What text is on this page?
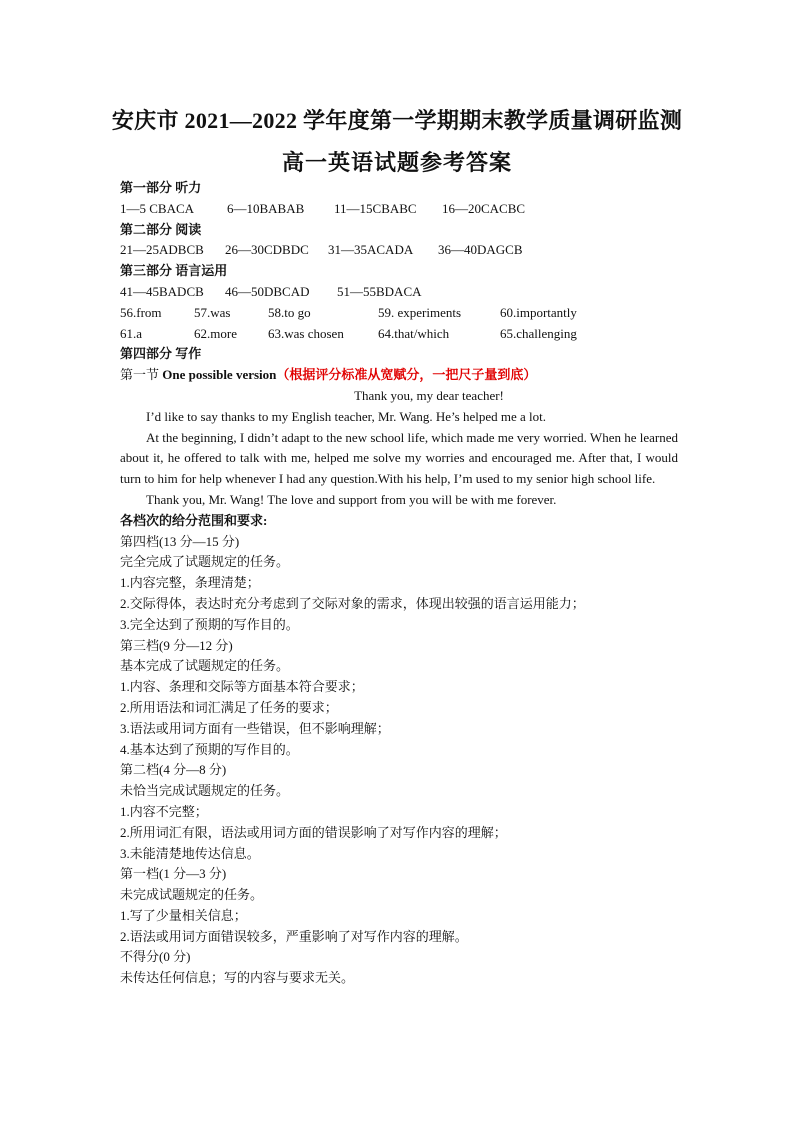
安庆市 2021—2022 学年度第一学期期末教学质量调研监测
高一英语试题参考答案
第一部分 听力
1—5 CBACA	6—10BABAB 11—15CBABC 16—20CACBC
第二部分 阅读
21—25ADBCB 26—30CDBDC 31—35ACADA 36—40DAGCB
第三部分 语言运用
41—45BADCB 46—50DBCAD 51—55BDACA
56.from 57.was	58.to go	59. experiments	60.importantly
61.a	62.more 63.was chosen	64.that/which	65.challenging
第四部分 写作
第一节 One possible version（根据评分标准从宽赋分，一把尺子量到底）
Thank you, my dear teacher!
I’d like to say thanks to my English teacher, Mr. Wang. He’s helped me a lot.
At the beginning, I didn’t adapt to the new school life, which made me very worried. When he learned about it, he offered to talk with me, helped me solve my worries and encouraged me. After that, I would turn to him for help whenever I had any question.With his help, I’m used to my senior high school life.
Thank you, Mr. Wang! The love and support from you will be with me forever.
各档次的给分范围和要求:
第四档(13 分—15 分)
完全完成了试题规定的任务。
1.内容完整，条理清楚；
2.交际得体，表达时充分考虑到了交际对象的需求，体现出较强的语言运用能力；
3.完全达到了预期的写作目的。
第三档(9 分—12 分)
基本完成了试题规定的任务。
1.内容、条理和交际等方面基本符合要求；
2.所用语法和词汇满足了任务的要求；
3.语法或用词方面有一些错误，但不影响理解；
4.基本达到了预期的写作目的。
第二档(4 分—8 分)
未恰当完成试题规定的任务。
1.内容不完整；
2.所用词汇有限，语法或用词方面的错误影响了对写作内容的理解；
3.未能清楚地传达信息。
第一档(1 分—3 分)
未完成试题规定的任务。
1.写了少量相关信息；
2.语法或用词方面错误较多，严重影响了对写作内容的理解。
不得分(0 分)
未传达任何信息；写的内容与要求无关。
